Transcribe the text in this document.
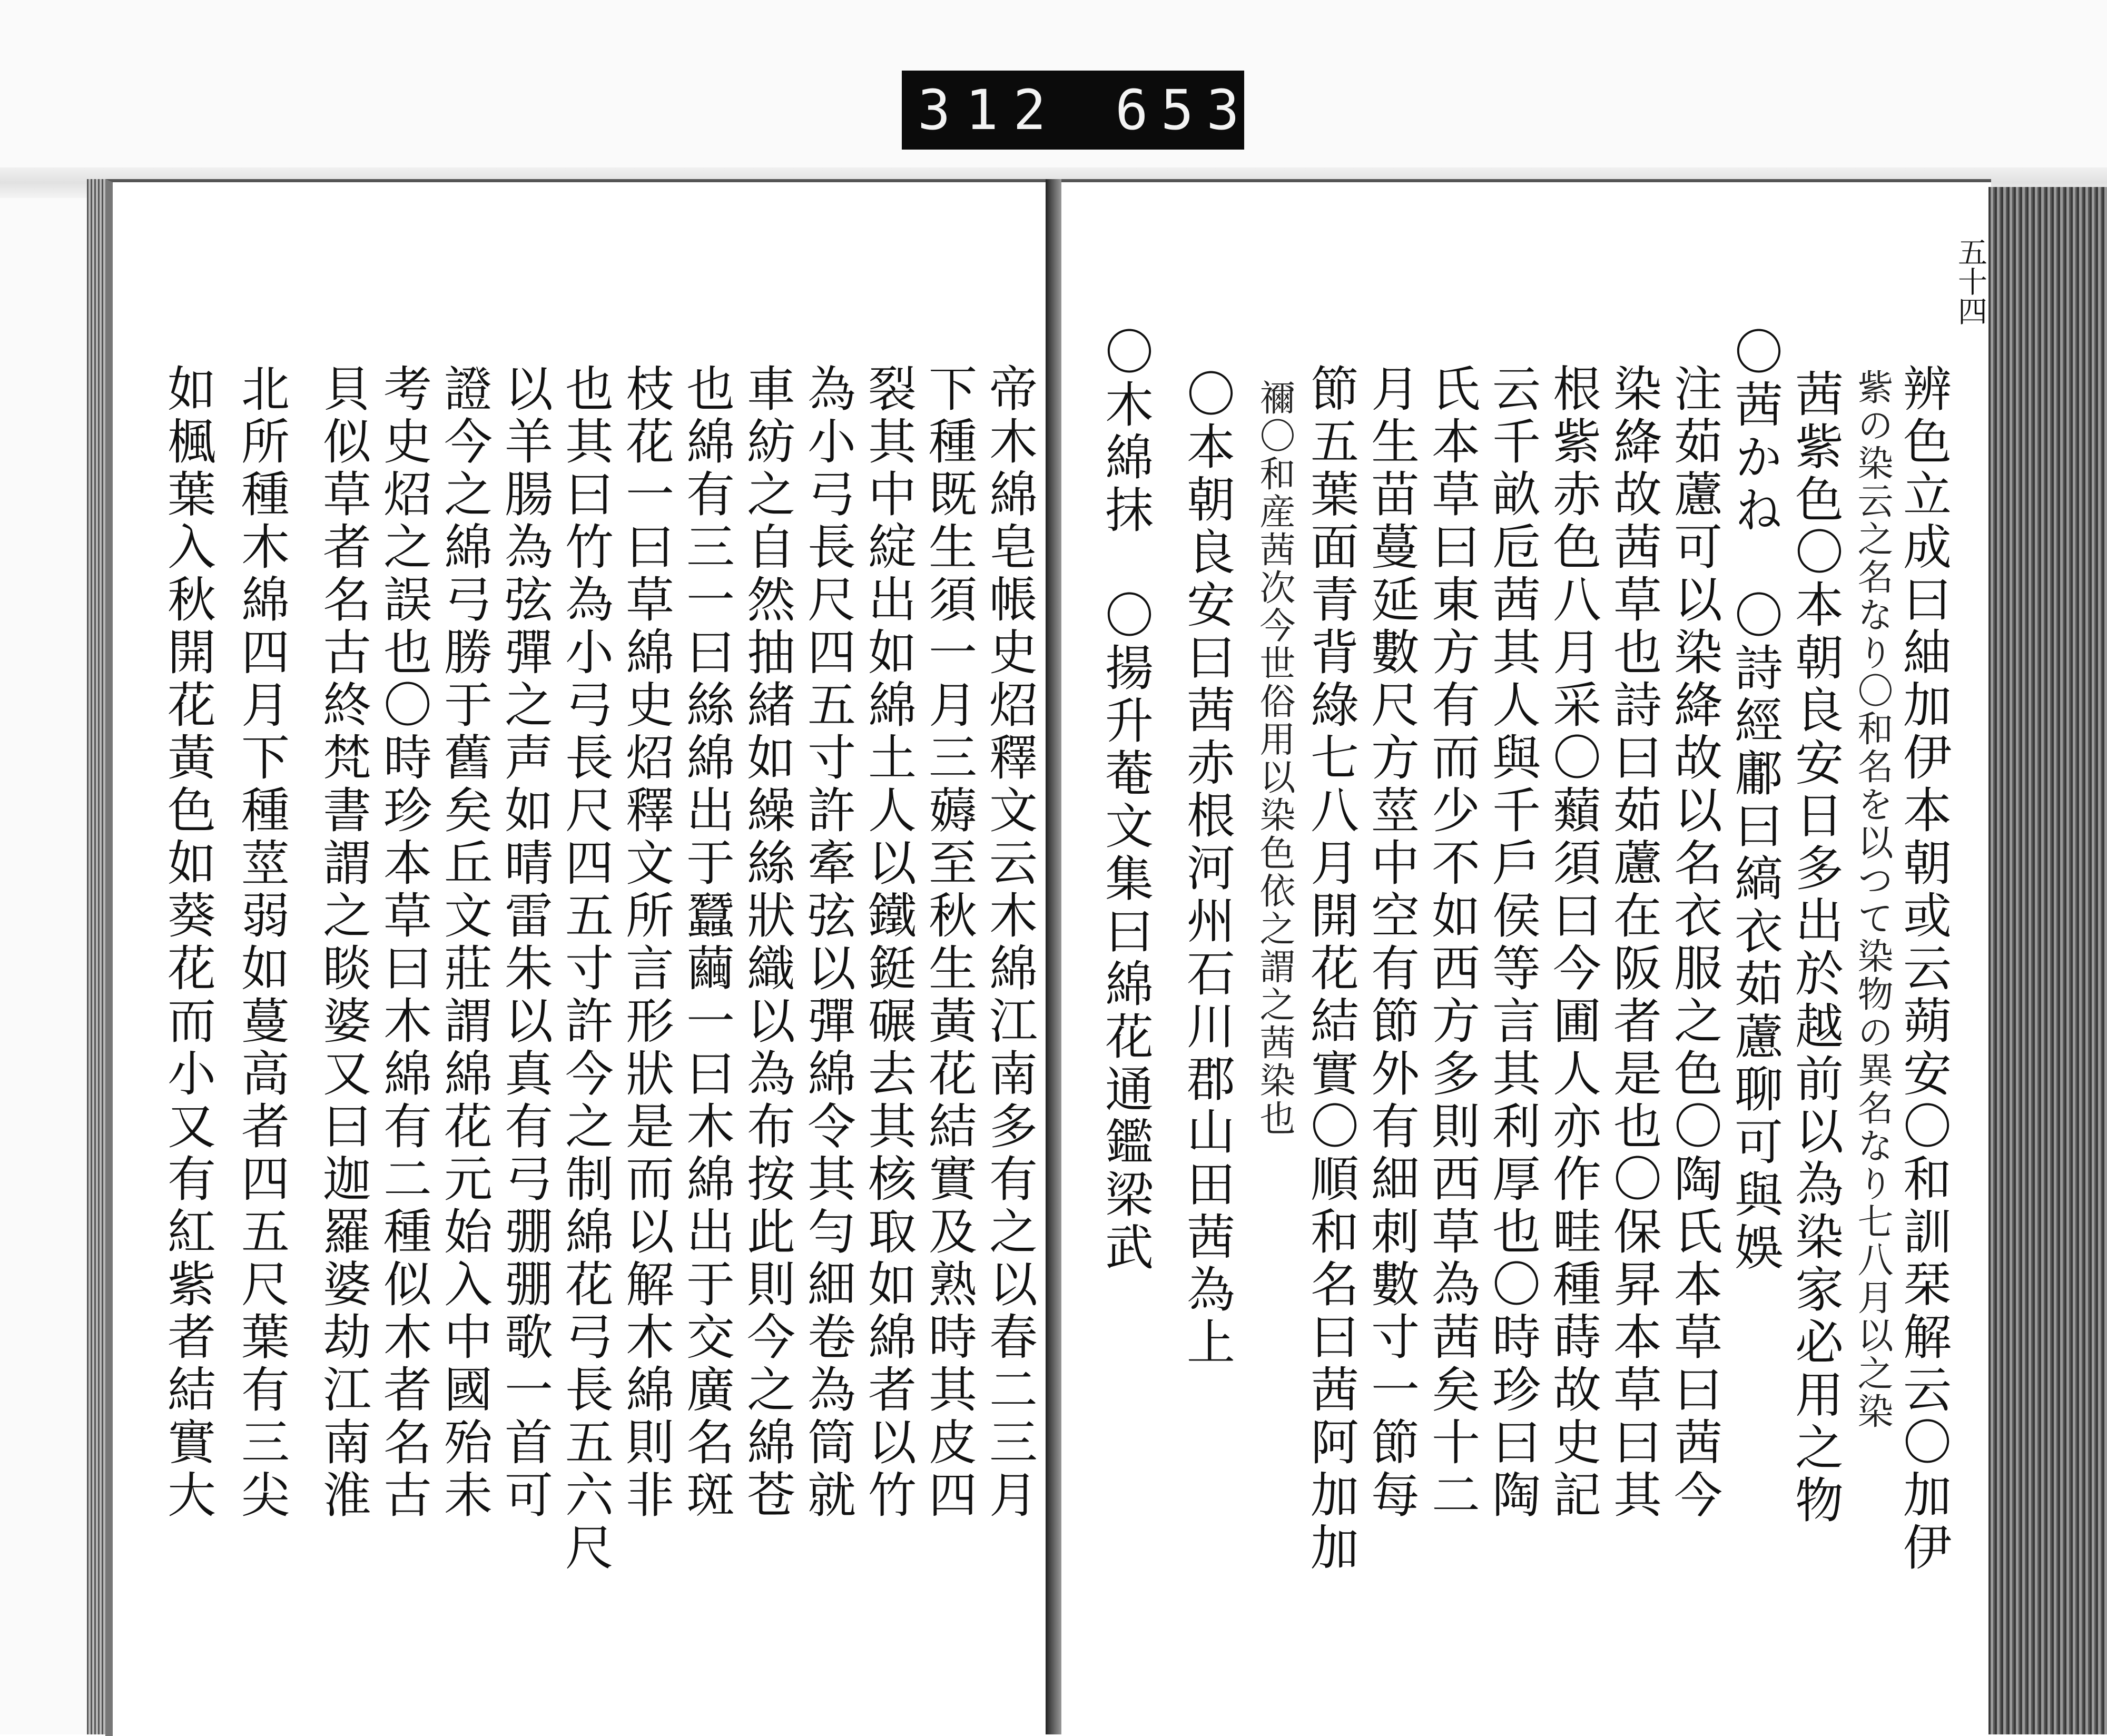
312 653
五十四
辨色立成曰紬加伊本朝或云蒴安〇和訓栞解云〇加伊
紫の染云之名なり〇和名を以つて染物の異名なり七八月以之染
茜紫色〇本朝良安日多出於越前以為染家必用之物
〇茜かね　〇詩經鄘曰縞衣茹藘聊可與娛
注茹藘可以染絳故以名衣服之色〇陶氏本草曰茜今
染絳故茜草也詩曰茹藘在阪者是也〇保昇本草曰其
根紫赤色八月采〇蘱須曰今圃人亦作畦種蒔故史記
云千畝卮茜其人與千戶侯等言其利厚也〇時珍曰陶
氏本草曰東方有而少不如西方多則西草為茜矣十二
月生苗蔓延數尺方莖中空有節外有細刺數寸一節每
節五葉面青背綠七八月開花結實〇順和名曰茜阿加加
禰〇和産茜次今世俗用以染色依之謂之茜染也
〇本朝良安曰茜赤根河州石川郡山田茜為上
〇木綿抹　〇揚升菴文集曰綿花通鑑梁武
帝木綿皂帳史炤釋文云木綿江南多有之以春二三月
下種既生須一月三薅至秋生黃花結實及熟時其皮四
裂其中綻出如綿土人以鐵鋌碾去其核取如綿者以竹
為小弓長尺四五寸許牽弦以彈綿令其勻細卷為筒就
車紡之自然抽緒如繰絲狀織以為布按此則今之綿苍
也綿有三一曰絲綿出于蠶繭一曰木綿出于交廣名斑
枝花一曰草綿史炤釋文所言形狀是而以解木綿則非
也其曰竹為小弓長尺四五寸許今之制綿花弓長五六尺
以羊腸為弦彈之声如晴雷朱以真有弓弸弸歌一首可
證今之綿弓勝于舊矣丘文莊謂綿花元始入中國殆未
考史炤之誤也〇時珍本草曰木綿有二種似木者名古
貝似草者名古終梵書謂之睒婆又曰迦羅婆劫江南淮
北所種木綿四月下種莖弱如蔓高者四五尺葉有三尖
如楓葉入秋開花黃色如葵花而小又有紅紫者結實大
